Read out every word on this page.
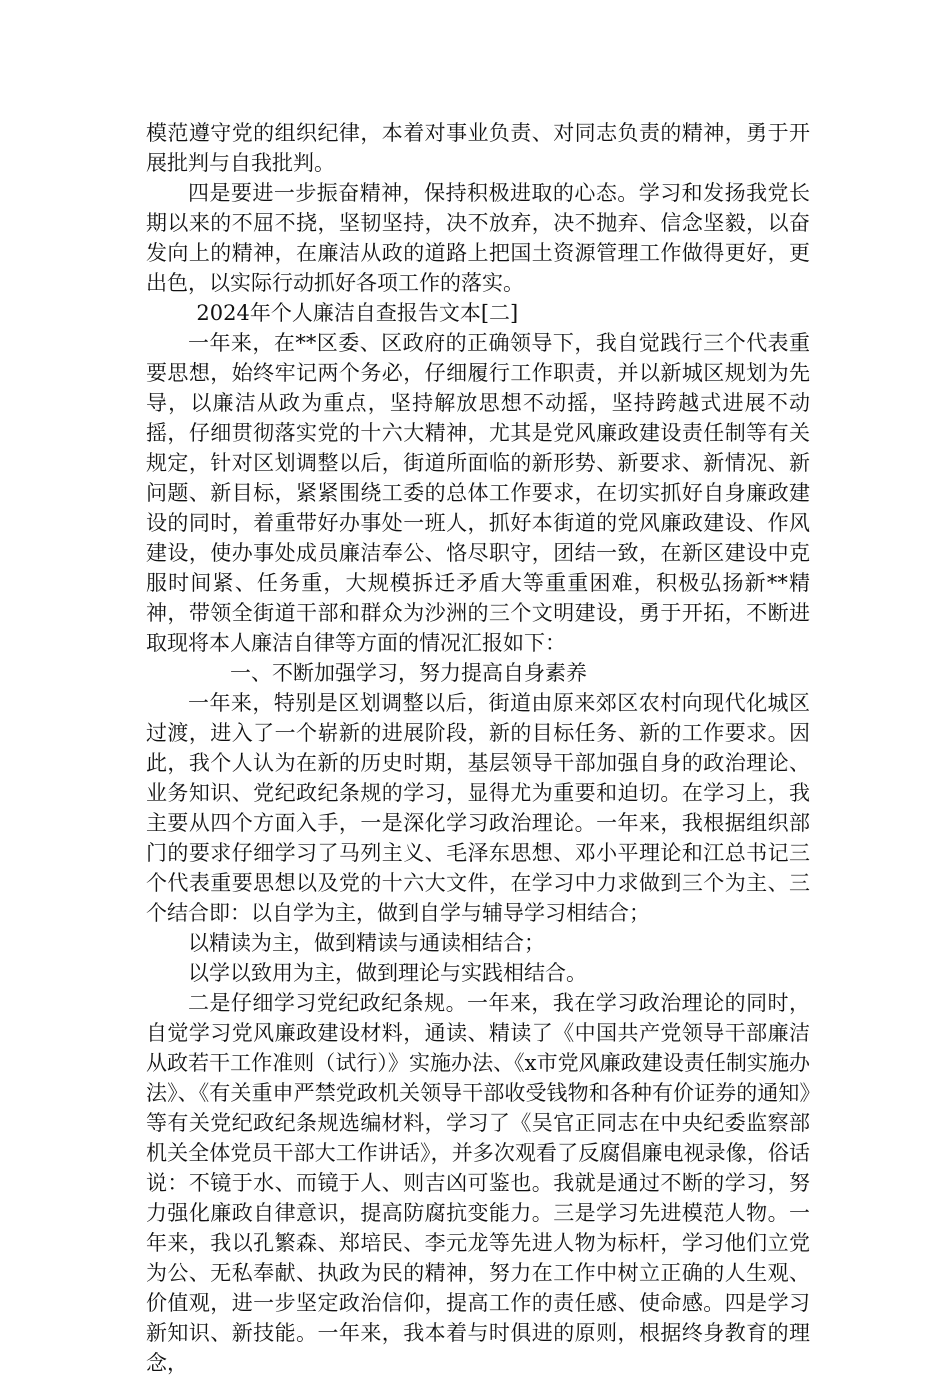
模范遵守党的组织纪律，本着对事业负责、对同志负责的精神，勇于开展批判与自我批判。

四是要进一步振奋精神，保持积极进取的心态。学习和发扬我党长期以来的不屈不挠，坚韧坚持，决不放弃，决不抛弃、信念坚毅，以奋发向上的精神，在廉洁从政的道路上把国土资源管理工作做得更好，更出色，以实际行动抓好各项工作的落实。

2024年个人廉洁自查报告文本[二]

一年来，在**区委、区政府的正确领导下，我自觉践行三个代表重要思想，始终牢记两个务必，仔细履行工作职责，并以新城区规划为先导，以廉洁从政为重点，坚持解放思想不动摇，坚持跨越式进展不动摇，仔细贯彻落实党的十六大精神，尤其是党风廉政建设责任制等有关规定，针对区划调整以后，街道所面临的新形势、新要求、新情况、新问题、新目标，紧紧围绕工委的总体工作要求，在切实抓好自身廉政建设的同时，着重带好办事处一班人，抓好本街道的党风廉政建设、作风建设，使办事处成员廉洁奉公、恪尽职守，团结一致，在新区建设中克服时间紧、任务重，大规模拆迁矛盾大等重重困难，积极弘扬新**精神，带领全街道干部和群众为沙洲的三个文明建设，勇于开拓，不断进取现将本人廉洁自律等方面的情况汇报如下：

一、不断加强学习，努力提高自身素养

一年来，特别是区划调整以后，街道由原来郊区农村向现代化城区过渡，进入了一个崭新的进展阶段，新的目标任务、新的工作要求。因此，我个人认为在新的历史时期，基层领导干部加强自身的政治理论、业务知识、党纪政纪条规的学习，显得尤为重要和迫切。在学习上，我主要从四个方面入手，一是深化学习政治理论。一年来，我根据组织部门的要求仔细学习了马列主义、毛泽东思想、邓小平理论和江总书记三个代表重要思想以及党的十六大文件，在学习中力求做到三个为主、三个结合即：以自学为主，做到自学与辅导学习相结合；

以精读为主，做到精读与通读相结合；

以学以致用为主，做到理论与实践相结合。

二是仔细学习党纪政纪条规。一年来，我在学习政治理论的同时，自觉学习党风廉政建设材料，通读、精读了《中国共产党领导干部廉洁从政若干工作准则（试行）》实施办法、《x市党风廉政建设责任制实施办法》、《有关重申严禁党政机关领导干部收受钱物和各种有价证券的通知》等有关党纪政纪条规选编材料，学习了《吴官正同志在中央纪委监察部机关全体党员干部大工作讲话》，并多次观看了反腐倡廉电视录像，俗话说：不镜于水、而镜于人、则吉凶可鉴也。我就是通过不断的学习，努力强化廉政自律意识，提高防腐抗变能力。三是学习先进模范人物。一年来，我以孔繁森、郑培民、李元龙等先进人物为标杆，学习他们立党为公、无私奉献、执政为民的精神，努力在工作中树立正确的人生观、价值观，进一步坚定政治信仰，提高工作的责任感、使命感。四是学习新知识、新技能。一年来，我本着与时俱进的原则，根据终身教育的理念，
